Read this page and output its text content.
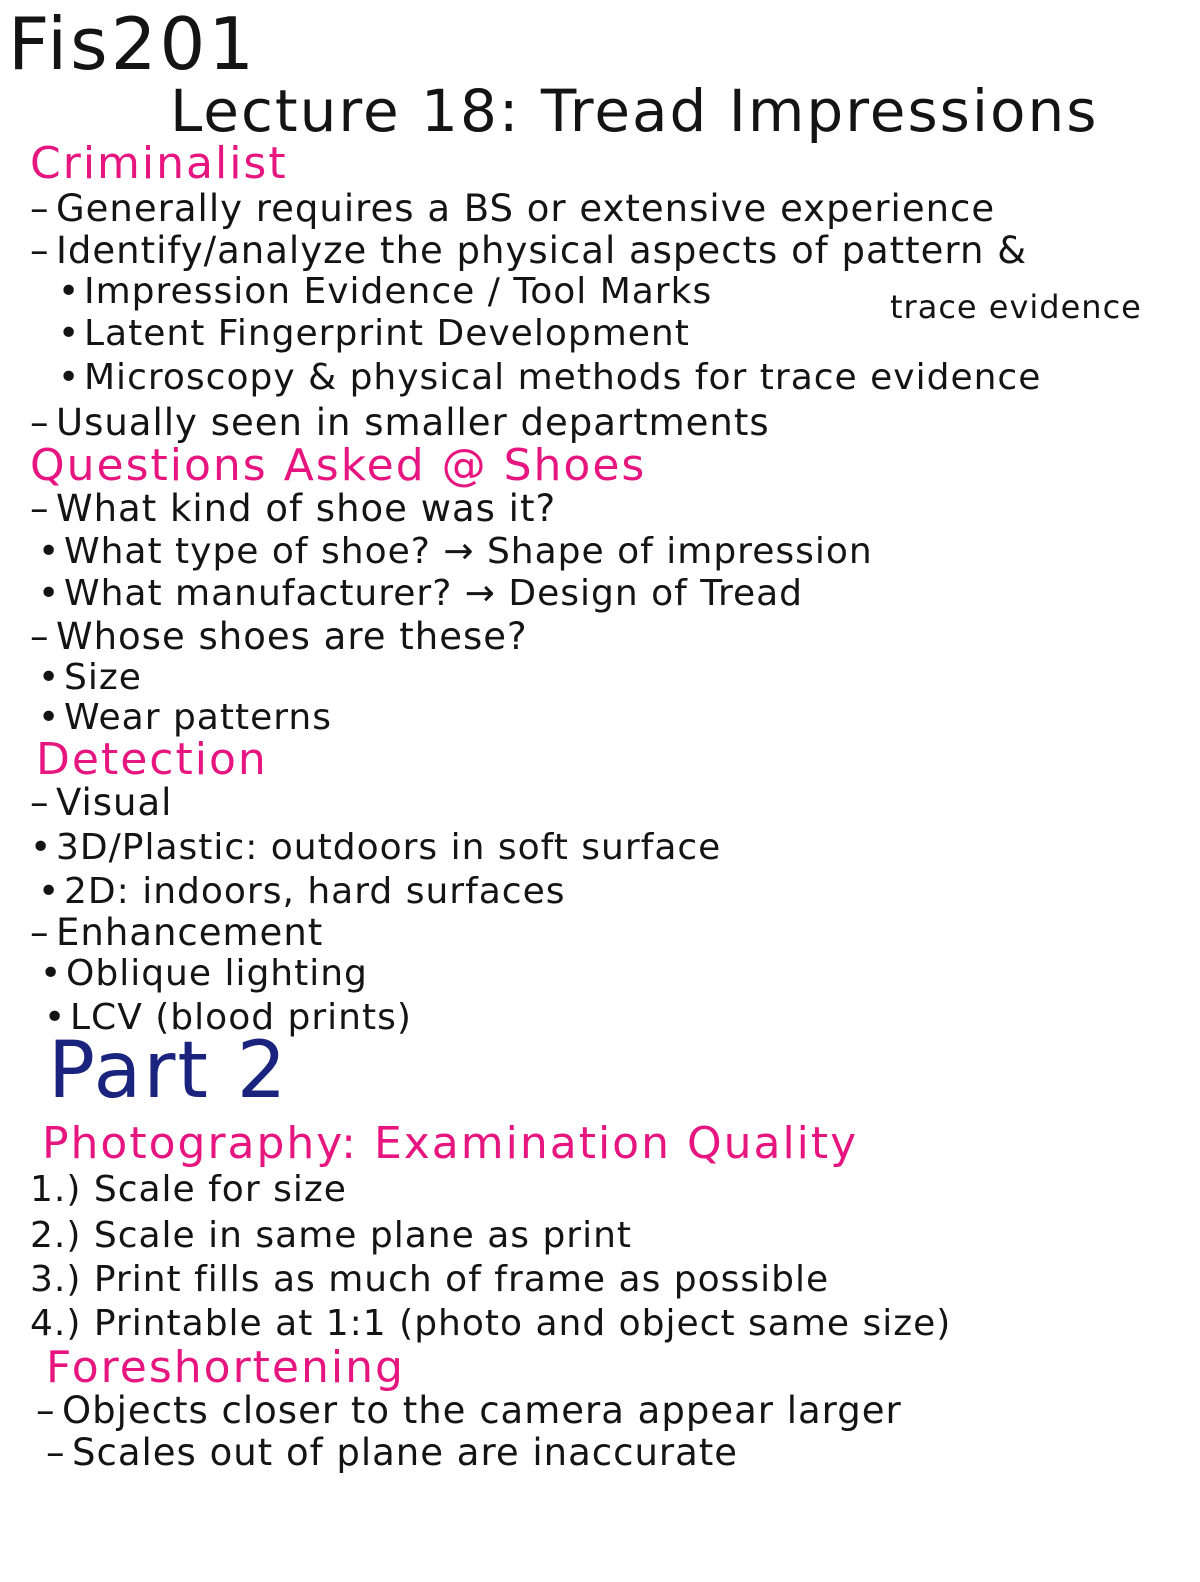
Fis201
Lecture 18: Tread Impressions
Criminalist
– Generally requires a BS or extensive experience
– Identify/analyze the physical aspects of pattern &
• Impression Evidence / Tool Marks	trace evidence
• Latent Fingerprint Development
• Microscopy & physical methods for trace evidence
– Usually seen in smaller departments
Questions Asked @ Shoes
– What kind of shoe was it?
• What type of shoe? → Shape of impression
• What manufacturer? → Design of Tread
– Whose shoes are these?
• Size
• Wear patterns
Detection
– Visual
• 3D/Plastic: outdoors in soft surface
• 2D: indoors, hard surfaces
– Enhancement
• Oblique lighting
• LCV (blood prints)
Part 2
Photography: Examination Quality
1.) Scale for size
2.) Scale in same plane as print
3.) Print fills as much of frame as possible
4.) Printable at 1:1 (photo and object same size)
Foreshortening
– Objects closer to the camera appear larger
– Scales out of plane are inaccurate
